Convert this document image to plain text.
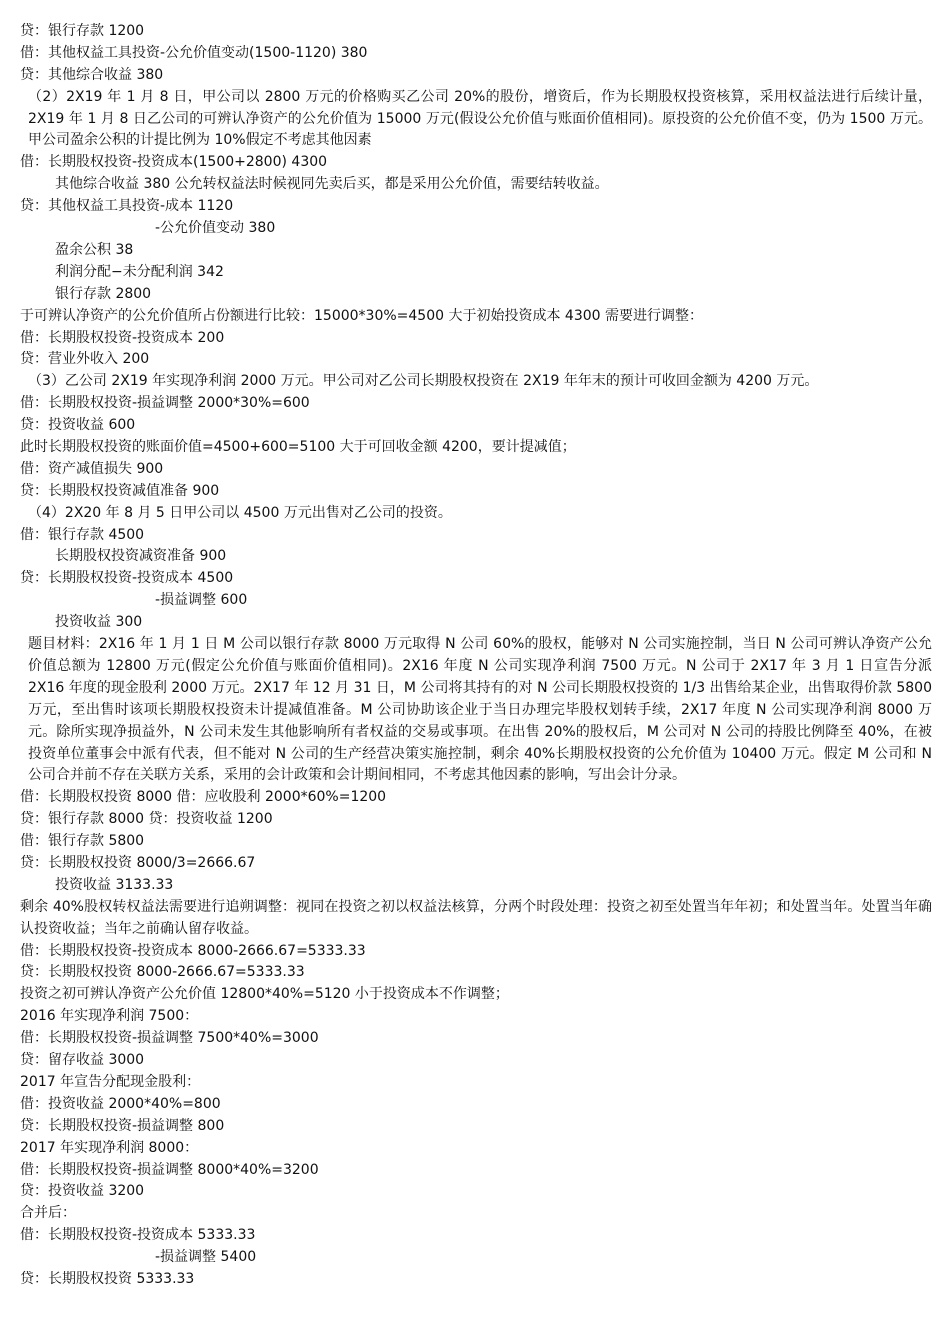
贷：银行存款 1200
借：其他权益工具投资-公允价值变动(1500-1120) 380
贷：其他综合收益 380
（2）2X19 年 1 月 8 日，甲公司以 2800 万元的价格购买乙公司 20%的股份，增资后，作为长期股权投资核算，采用权益法进行后续计量，2X19 年 1 月 8 日乙公司的可辨认净资产的公允价值为 15000 万元(假设公允价值与账面价值相同)。原投资的公允价值不变，仍为 1500 万元。甲公司盈余公积的计提比例为 10%假定不考虑其他因素
借：长期股权投资-投资成本(1500+2800) 4300
其他综合收益 380 公允转权益法时候视同先卖后买，都是采用公允价值，需要结转收益。
贷：其他权益工具投资-成本 1120
-公允价值变动 380
盈余公积 38
利润分配−未分配利润 342
银行存款 2800
于可辨认净资产的公允价值所占份额进行比较：15000*30%=4500 大于初始投资成本 4300 需要进行调整：
借：长期股权投资-投资成本 200
贷：营业外收入 200
（3）乙公司 2X19 年实现净利润 2000 万元。甲公司对乙公司长期股权投资在 2X19 年年末的预计可收回金额为 4200 万元。
借：长期股权投资-损益调整 2000*30%=600
贷：投资收益 600
此时长期股权投资的账面价值=4500+600=5100 大于可回收金额 4200，要计提减值；
借：资产减值损失 900
贷：长期股权投资减值准备 900
（4）2X20 年 8 月 5 日甲公司以 4500 万元出售对乙公司的投资。
借：银行存款 4500
长期股权投资减资准备 900
贷：长期股权投资-投资成本 4500
-损益调整 600
投资收益 300
题目材料：2X16 年 1 月 1 日 M 公司以银行存款 8000 万元取得 N 公司 60%的股权，能够对 N 公司实施控制，当日 N 公司可辨认净资产公允价值总额为 12800 万元(假定公允价值与账面价值相同)。2X16 年度 N 公司实现净利润 7500 万元。N 公司于 2X17 年 3 月 1 日宣告分派 2X16 年度的现金股利 2000 万元。2X17 年 12 月 31 日，M 公司将其持有的对 N 公司长期股权投资的 1/3 出售给某企业，出售取得价款 5800 万元，至出售时该项长期股权投资未计提减值准备。M 公司协助该企业于当日办理完毕股权划转手续，2X17 年度 N 公司实现净利润 8000 万元。除所实现净损益外，N 公司未发生其他影响所有者权益的交易或事项。在出售 20%的股权后，M 公司对 N 公司的持股比例降至 40%，在被投资单位董事会中派有代表，但不能对 N 公司的生产经营决策实施控制，剩余 40%长期股权投资的公允价值为 10400 万元。假定 M 公司和 N 公司合并前不存在关联方关系，采用的会计政策和会计期间相同，不考虑其他因素的影响，写出会计分录。
借：长期股权投资 8000 借：应收股利 2000*60%=1200
贷：银行存款 8000 贷：投资收益 1200
借：银行存款 5800
贷：长期股权投资 8000/3=2666.67
投资收益 3133.33
剩余 40%股权转权益法需要进行追朔调整：视同在投资之初以权益法核算，分两个时段处理：投资之初至处置当年年初；和处置当年。处置当年确认投资收益；当年之前确认留存收益。
借：长期股权投资-投资成本 8000-2666.67=5333.33
贷：长期股权投资 8000-2666.67=5333.33
投资之初可辨认净资产公允价值 12800*40%=5120 小于投资成本不作调整；
2016 年实现净利润 7500：
借：长期股权投资-损益调整 7500*40%=3000
贷：留存收益 3000
2017 年宣告分配现金股利：
借：投资收益 2000*40%=800
贷：长期股权投资-损益调整 800
2017 年实现净利润 8000：
借：长期股权投资-损益调整 8000*40%=3200
贷：投资收益 3200
合并后：
借：长期股权投资-投资成本 5333.33
-损益调整 5400
贷：长期股权投资 5333.33
